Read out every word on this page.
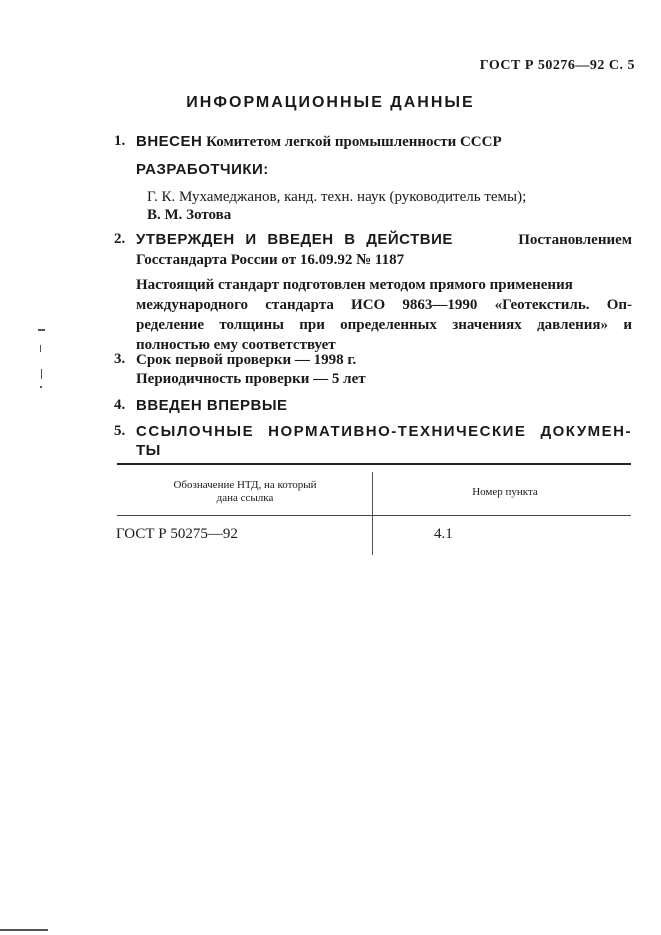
ГОСТ Р 50276—92 С. 5
ИНФОРМАЦИОННЫЕ ДАННЫЕ
1. ВНЕСЕН Комитетом легкой промышленности СССР
РАЗРАБОТЧИКИ:
Г. К. Мухамеджанов, канд. техн. наук (руководитель темы);
В. М. Зотова
2. УТВЕРЖДЕН И ВВЕДЕН В ДЕЙСТВИЕ	Постановлением
Госстандарта России от 16.09.92 № 1187
Настоящий стандарт подготовлен методом прямого применения
международного стандарта ИСО 9863—1990 «Геотекстиль. Оп-
ределение толщины при определенных значениях давления» и
полностью ему соответствует
3. Срок первой проверки — 1998 г.
Периодичность проверки — 5 лет
4. ВВЕДЕН ВПЕРВЫЕ
5. ССЫЛОЧНЫЕ НОРМАТИВНО-ТЕХНИЧЕСКИЕ ДОКУМЕН-
ТЫ
Обозначение НТД, на который
дана ссылка	Номер пункта
ГОСТ Р 50275—92	4.1
